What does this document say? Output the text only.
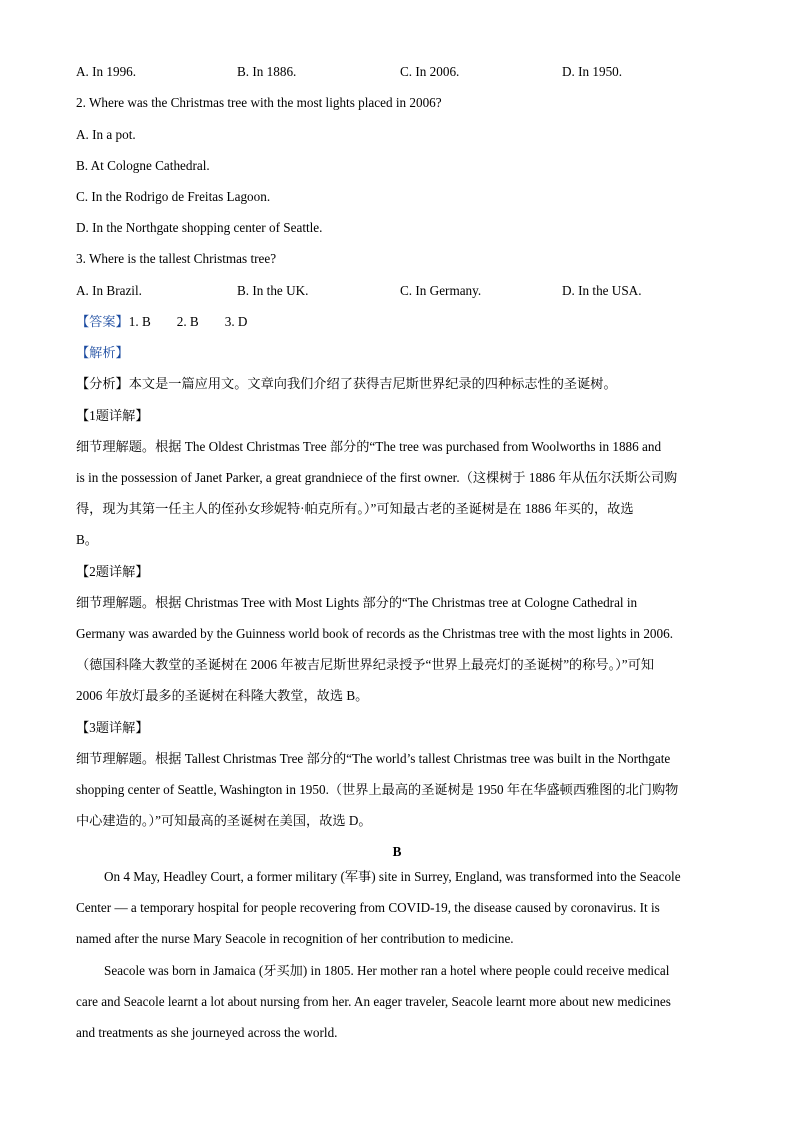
A. In 1996.	B. In 1886.	C. In 2006.	D. In 1950.
2. Where was the Christmas tree with the most lights placed in 2006?
A. In a pot.
B. At Cologne Cathedral.
C. In the Rodrigo de Freitas Lagoon.
D. In the Northgate shopping center of Seattle.
3. Where is the tallest Christmas tree?
A. In Brazil.	B. In the UK.	C. In Germany.	D. In the USA.
【答案】1. B 2. B 3. D
【解析】
【分析】本文是一篇应用文。文章向我们介绍了获得吉尼斯世界纪录的四种标志性的圣诞树。
【1题详解】
细节理解题。根据 The Oldest Christmas Tree 部分的“The tree was purchased from Woolworths in 1886 and
is in the possession of Janet Parker, a great grandniece of the first owner.（这棵树于 1886 年从伍尔沃斯公司购
得，现为其第一任主人的侄孙女珍妮特·帕克所有。）”可知最古老的圣诞树是在 1886 年买的，故选
B。
【2题详解】
细节理解题。根据 Christmas Tree with Most Lights 部分的“The Christmas tree at Cologne Cathedral in
Germany was awarded by the Guinness world book of records as the Christmas tree with the most lights in 2006.
（德国科隆大教堂的圣诞树在 2006 年被吉尼斯世界纪录授予“世界上最亮灯的圣诞树”的称号。）”可知
2006 年放灯最多的圣诞树在科隆大教堂，故选 B。
【3题详解】
细节理解题。根据 Tallest Christmas Tree 部分的“The world’s tallest Christmas tree was built in the Northgate
shopping center of Seattle, Washington in 1950.（世界上最高的圣诞树是 1950 年在华盛顿西雅图的北门购物
中心建造的。）”可知最高的圣诞树在美国，故选 D。
B
On 4 May, Headley Court, a former military (军事) site in Surrey, England, was transformed into the Seacole
Center — a temporary hospital for people recovering from COVID-19, the disease caused by coronavirus. It is
named after the nurse Mary Seacole in recognition of her contribution to medicine.
Seacole was born in Jamaica (牙买加) in 1805. Her mother ran a hotel where people could receive medical
care and Seacole learnt a lot about nursing from her. An eager traveler, Seacole learnt more about new medicines
and treatments as she journeyed across the world.
